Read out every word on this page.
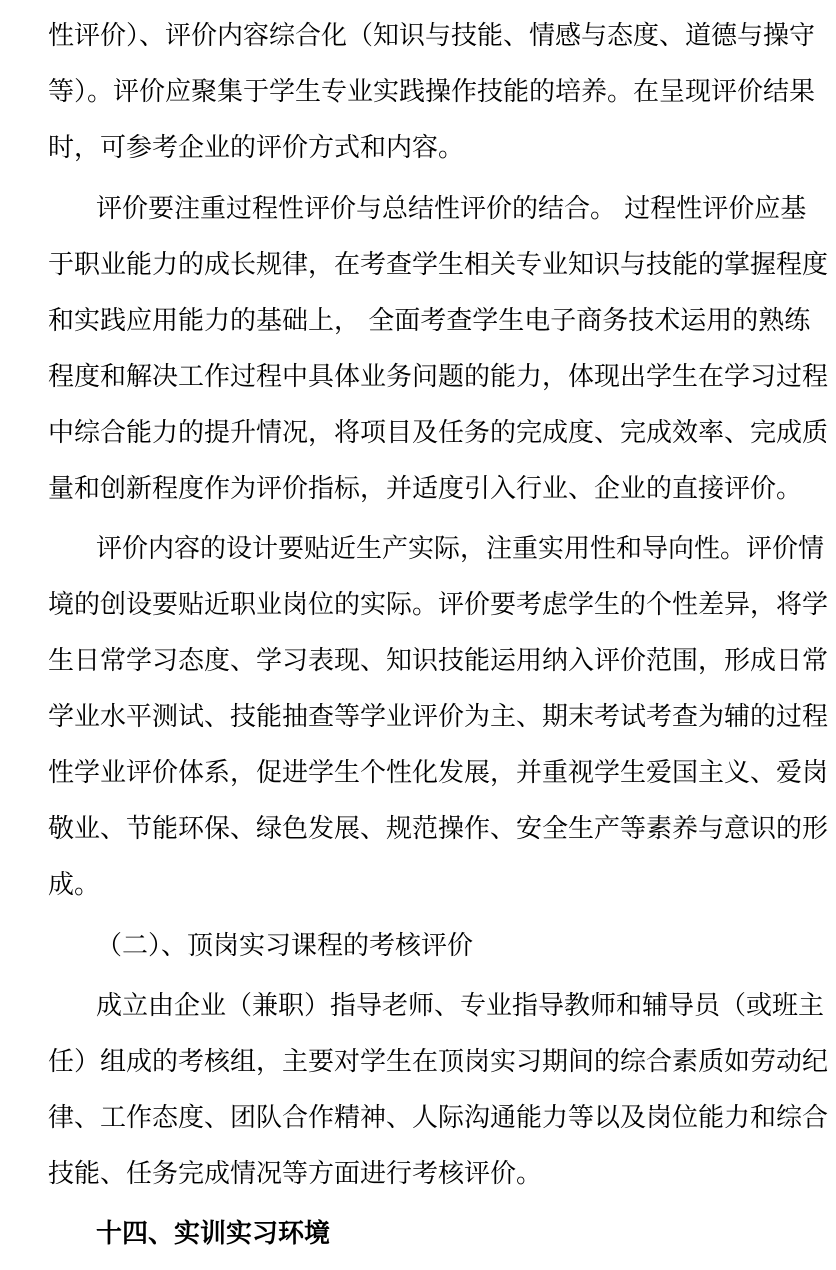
性评价）、评价内容综合化（知识与技能、情感与态度、道德与操守
等）。评价应聚集于学生专业实践操作技能的培养。在呈现评价结果
时，可参考企业的评价方式和内容。
评价要注重过程性评价与总结性评价的结合。 过程性评价应基
于职业能力的成长规律，在考查学生相关专业知识与技能的掌握程度
和实践应用能力的基础上， 全面考查学生电子商务技术运用的熟练
程度和解决工作过程中具体业务问题的能力，体现出学生在学习过程
中综合能力的提升情况，将项目及任务的完成度、完成效率、完成质
量和创新程度作为评价指标，并适度引入行业、企业的直接评价。
评价内容的设计要贴近生产实际，注重实用性和导向性。评价情
境的创设要贴近职业岗位的实际。评价要考虑学生的个性差异，将学
生日常学习态度、学习表现、知识技能运用纳入评价范围，形成日常
学业水平测试、技能抽查等学业评价为主、期末考试考查为辅的过程
性学业评价体系，促进学生个性化发展，并重视学生爱国主义、爱岗
敬业、节能环保、绿色发展、规范操作、安全生产等素养与意识的形
成。
（二）、顶岗实习课程的考核评价
成立由企业（兼职）指导老师、专业指导教师和辅导员（或班主
任）组成的考核组，主要对学生在顶岗实习期间的综合素质如劳动纪
律、工作态度、团队合作精神、人际沟通能力等以及岗位能力和综合
技能、任务完成情况等方面进行考核评价。
十四、实训实习环境
